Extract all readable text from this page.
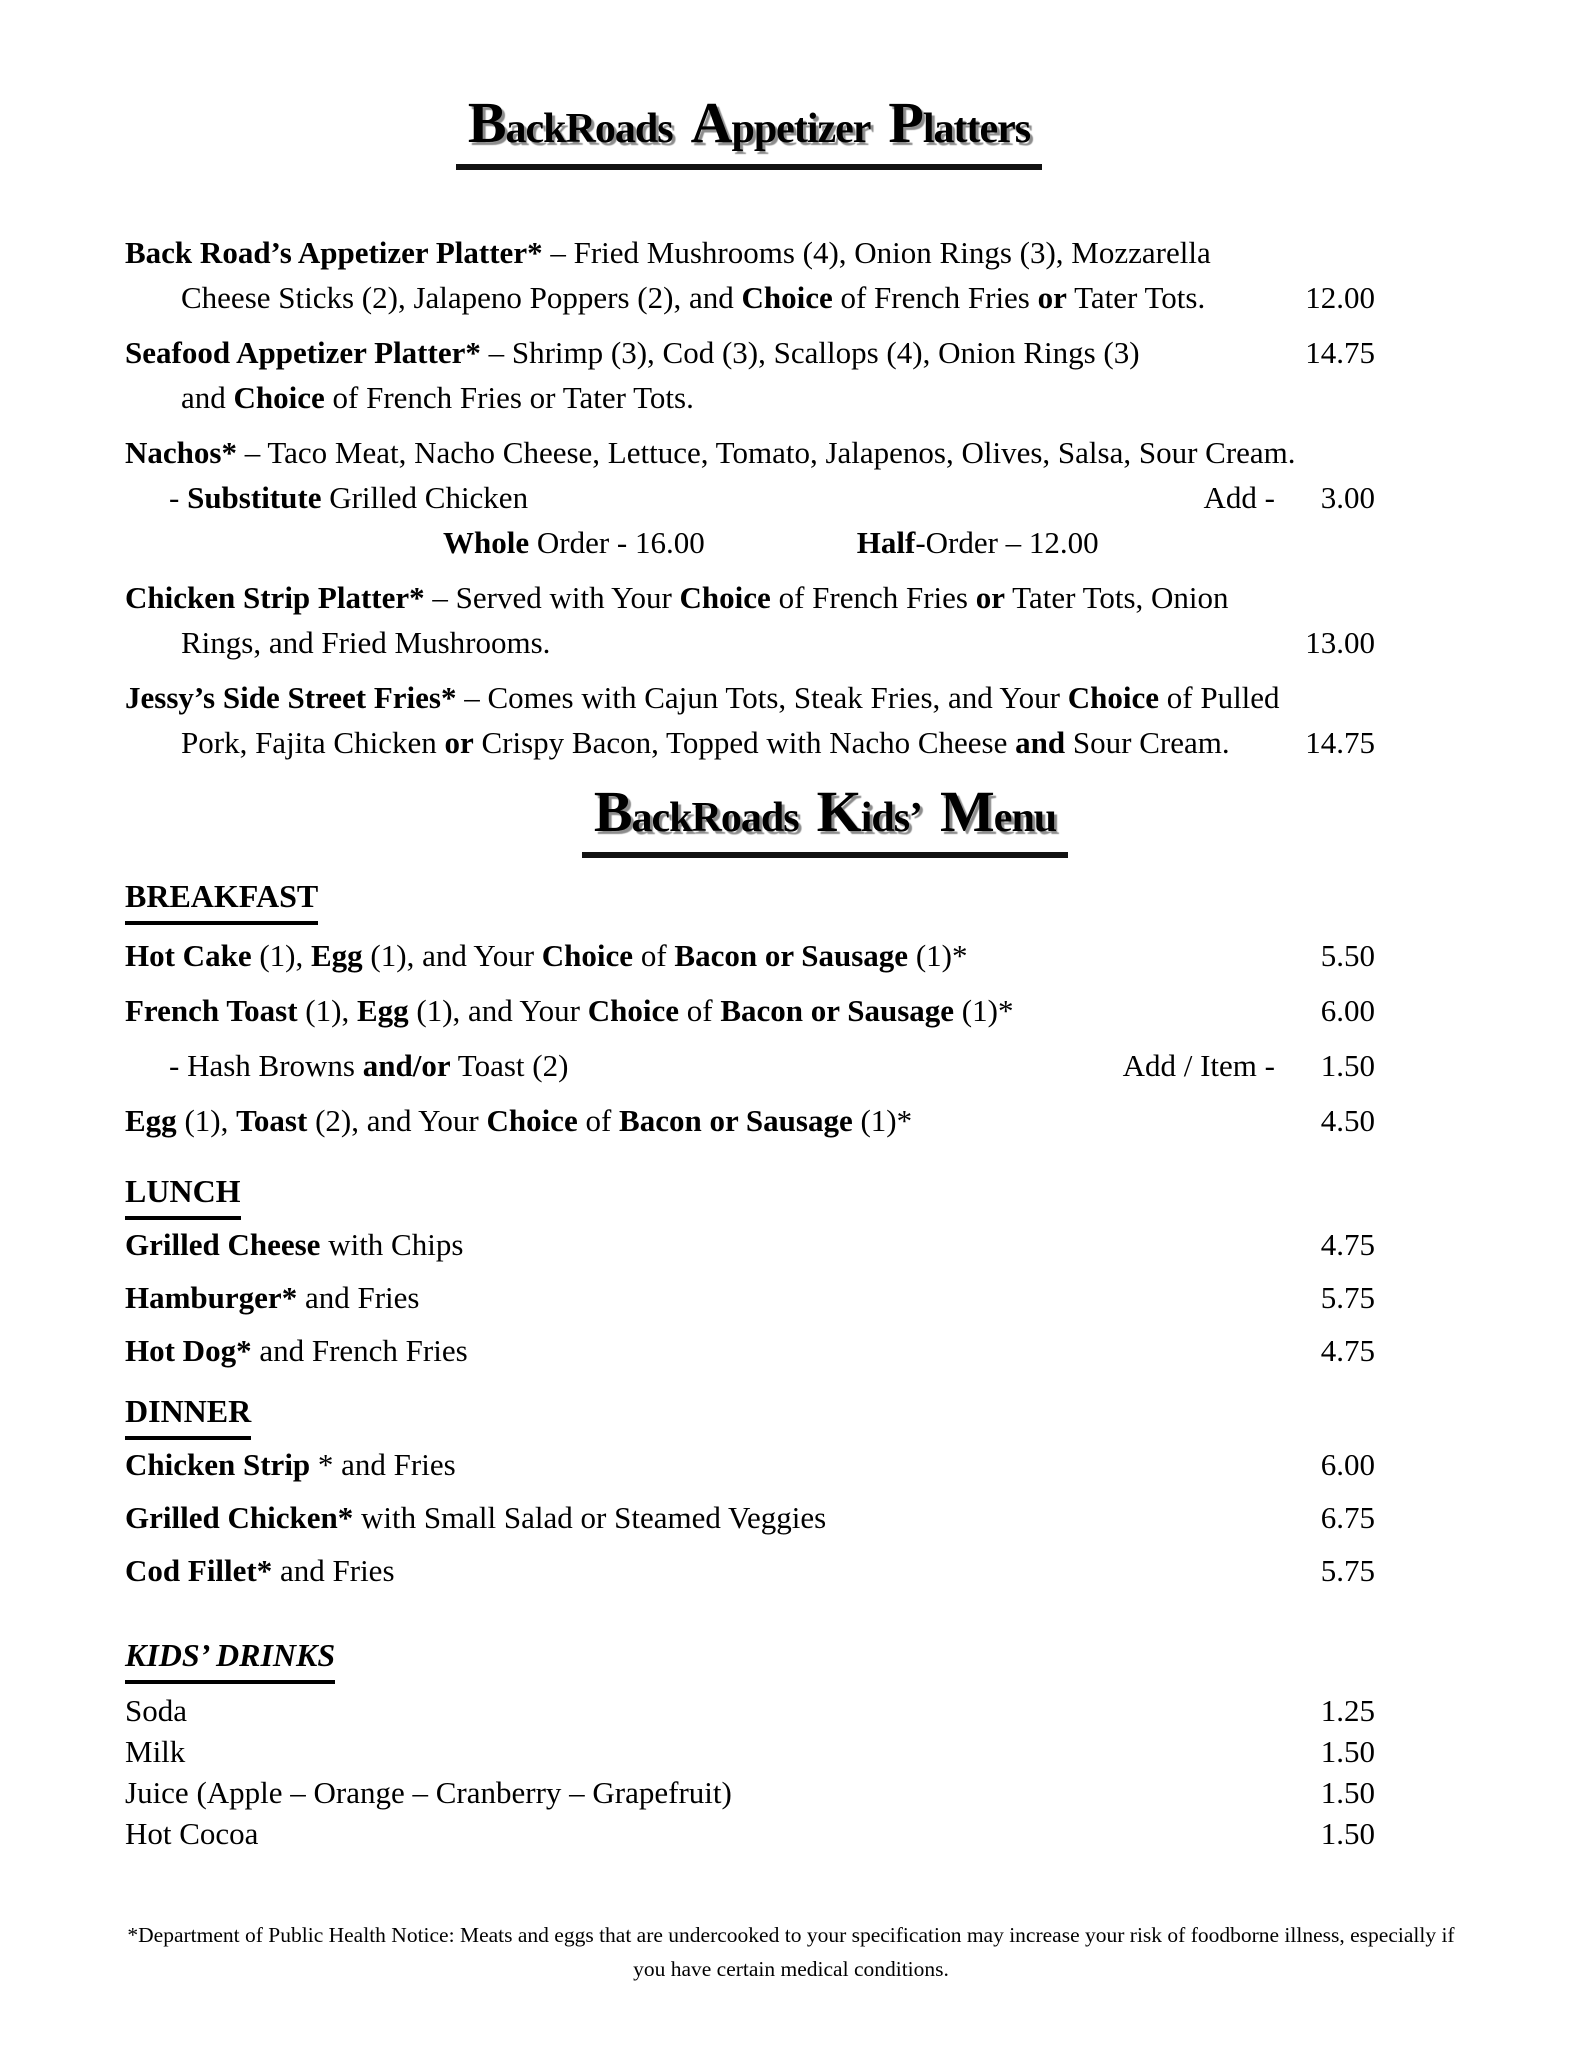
BackRoads Appetizer Platters
Back Road’s Appetizer Platter* – Fried Mushrooms (4), Onion Rings (3), Mozzarella
Cheese Sticks (2), Jalapeno Poppers (2), and Choice of French Fries or Tater Tots.	12.00
Seafood Appetizer Platter* – Shrimp (3), Cod (3), Scallops (4), Onion Rings (3)	14.75
and Choice of French Fries or Tater Tots.
Nachos* – Taco Meat, Nacho Cheese, Lettuce, Tomato, Jalapenos, Olives, Salsa, Sour Cream.
- Substitute Grilled Chicken	Add -	3.00
Whole Order - 16.00	Half-Order – 12.00
Chicken Strip Platter* – Served with Your Choice of French Fries or Tater Tots, Onion
Rings, and Fried Mushrooms.	13.00
Jessy’s Side Street Fries* – Comes with Cajun Tots, Steak Fries, and Your Choice of Pulled
Pork, Fajita Chicken or Crispy Bacon, Topped with Nacho Cheese and Sour Cream.	14.75
BackRoads Kids’ Menu
BREAKFAST
Hot Cake (1), Egg (1), and Your Choice of Bacon or Sausage (1)*	5.50
French Toast (1), Egg (1), and Your Choice of Bacon or Sausage (1)*	6.00
- Hash Browns and/or Toast (2)	Add / Item -	1.50
Egg (1), Toast (2), and Your Choice of Bacon or Sausage (1)*	4.50
LUNCH
Grilled Cheese with Chips	4.75
Hamburger* and Fries	5.75
Hot Dog* and French Fries	4.75
DINNER
Chicken Strip * and Fries	6.00
Grilled Chicken* with Small Salad or Steamed Veggies	6.75
Cod Fillet* and Fries	5.75
KIDS’ DRINKS
Soda	1.25
Milk	1.50
Juice (Apple – Orange – Cranberry – Grapefruit)	1.50
Hot Cocoa	1.50
*Department of Public Health Notice: Meats and eggs that are undercooked to your specification may increase your risk of foodborne illness, especially if you have certain medical conditions.
